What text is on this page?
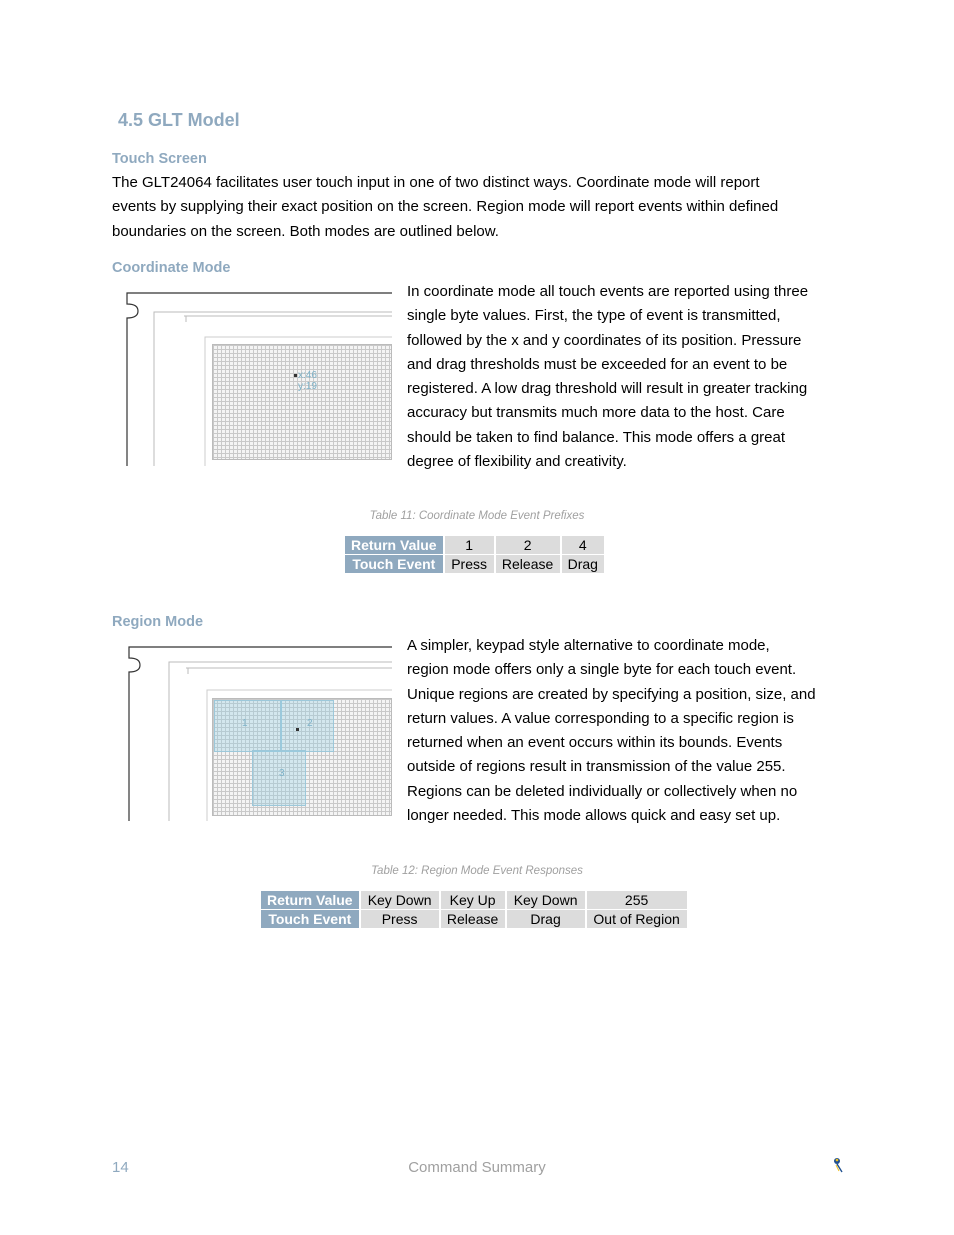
4.5 GLT Model
Touch Screen
The GLT24064 facilitates user touch input in one of two distinct ways. Coordinate mode will report
events by supplying their exact position on the screen. Region mode will report events within defined
boundaries on the screen. Both modes are outlined below.
Coordinate Mode
x:46
y:19
In coordinate mode all touch events are reported using three
single byte values. First, the type of event is transmitted,
followed by the x and y coordinates of its position. Pressure
and drag thresholds must be exceeded for an event to be
registered. A low drag threshold will result in greater tracking
accuracy but transmits much more data to the host. Care
should be taken to find balance. This mode offers a great
degree of flexibility and creativity.
Table 11: Coordinate Mode Event Prefixes
Return Value	1	2	4
Touch Event	Press	Release	Drag
Region Mode
1	2
3
A simpler, keypad style alternative to coordinate mode,
region mode offers only a single byte for each touch event.
Unique regions are created by specifying a position, size, and
return values. A value corresponding to a specific region is
returned when an event occurs within its bounds. Events
outside of regions result in transmission of the value 255.
Regions can be deleted individually or collectively when no
longer needed. This mode allows quick and easy set up.
Table 12: Region Mode Event Responses
Return Value	Key Down	Key Up	Key Down	255
Touch Event	Press	Release	Drag	Out of Region
14	Command Summary
